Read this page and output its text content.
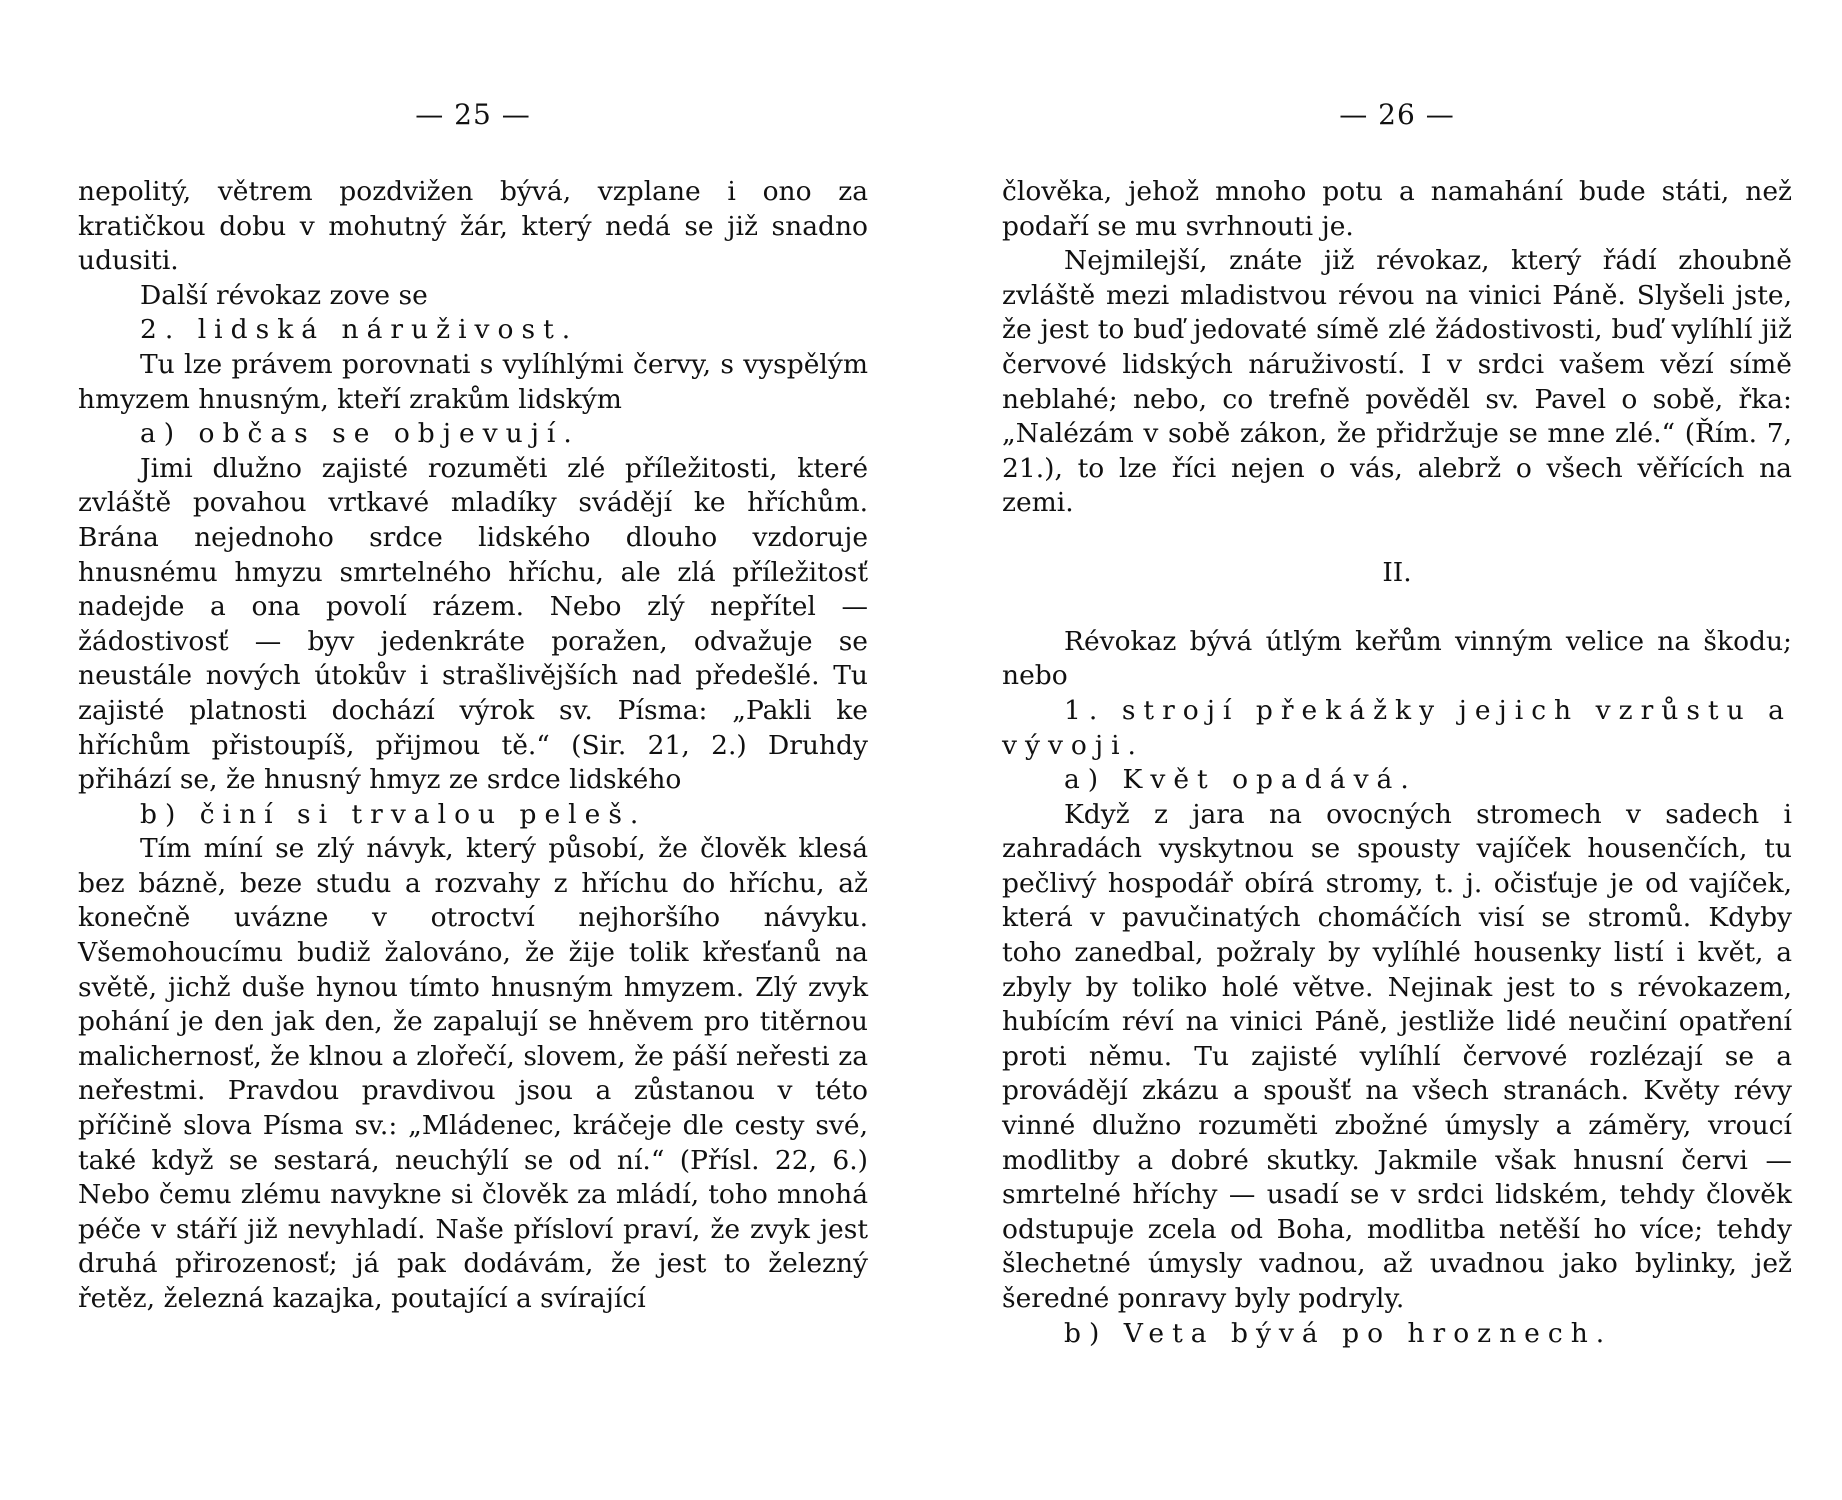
— 25 —

nepolitý, větrem pozdvižen bývá, vzplane i ono za kratičkou dobu v mohutný žár, který nedá se již snadno udusiti.

Další révokaz zove se

2. lidská náruživost.

Tu lze právem porovnati s vylíhlými červy, s vyspělým hmyzem hnusným, kteří zrakům lidským

a) občas se objevují.

Jimi dlužno zajisté rozuměti zlé příležitosti, které zvláště povahou vrtkavé mladíky svádějí ke hříchům. Brána nejednoho srdce lidského dlouho vzdoruje hnusnému hmyzu smrtelného hříchu, ale zlá příležitosť nadejde a ona povolí rázem. Nebo zlý nepřítel — žádostivosť — byv jedenkráte poražen, odvažuje se neustále nových útokův i strašlivějších nad předešlé. Tu zajisté platnosti dochází výrok sv. Písma: „Pakli ke hříchům přistoupíš, přijmou tě.“ (Sir. 21, 2.) Druhdy přihází se, že hnusný hmyz ze srdce lidského

b) činí si trvalou peleš.

Tím míní se zlý návyk, který působí, že člověk klesá bez bázně, beze studu a rozvahy z hříchu do hříchu, až konečně uvázne v otroctví nejhoršího návyku. Všemohoucímu budiž žalováno, že žije tolik křesťanů na světě, jichž duše hynou tímto hnusným hmyzem. Zlý zvyk pohání je den jak den, že zapalují se hněvem pro titěrnou malichernosť, že klnou a zlořečí, slovem, že páší neřesti za neřestmi. Pravdou pravdivou jsou a zůstanou v této příčině slova Písma sv.: „Mládenec, kráčeje dle cesty své, také když se sestará, neuchýlí se od ní.“ (Přísl. 22, 6.) Nebo čemu zlému navykne si člověk za mládí, toho mnohá péče v stáří již nevyhladí. Naše přísloví praví, že zvyk jest druhá přirozenosť; já pak dodávám, že jest to železný řetěz, železná kazajka, poutající a svírající

— 26 —

člověka, jehož mnoho potu a namahání bude státi, než podaří se mu svrhnouti je.

Nejmilejší, znáte již révokaz, který řádí zhoubně zvláště mezi mladistvou révou na vinici Páně. Slyšeli jste, že jest to buď jedovaté símě zlé žádostivosti, buď vylíhlí již červové lidských náruživostí. I v srdci vašem vězí símě neblahé; nebo, co trefně pověděl sv. Pavel o sobě, řka: „Nalézám v sobě zákon, že přidržuje se mne zlé.“ (Řím. 7, 21.), to lze říci nejen o vás, alebrž o všech věřících na zemi.

II.

Révokaz bývá útlým keřům vinným velice na škodu; nebo

1. strojí překážky jejich vzrůstu a vývoji.

a) Květ opadává.

Když z jara na ovocných stromech v sadech i zahradách vyskytnou se spousty vajíček housenčích, tu pečlivý hospodář obírá stromy, t. j. očisťuje je od vajíček, která v pavučinatých chomáčích visí se stromů. Kdyby toho zanedbal, požraly by vylíhlé housenky listí i květ, a zbyly by toliko holé větve. Nejinak jest to s révokazem, hubícím réví na vinici Páně, jestliže lidé neučiní opatření proti němu. Tu zajisté vylíhlí červové rozlézají se a provádějí zkázu a spoušť na všech stranách. Květy révy vinné dlužno rozuměti zbožné úmysly a záměry, vroucí modlitby a dobré skutky. Jakmile však hnusní červi — smrtelné hříchy — usadí se v srdci lidském, tehdy člověk odstupuje zcela od Boha, modlitba netěší ho více; tehdy šlechetné úmysly vadnou, až uvadnou jako bylinky, jež šeredné ponravy byly podryly.

b) Veta bývá po hroznech.
